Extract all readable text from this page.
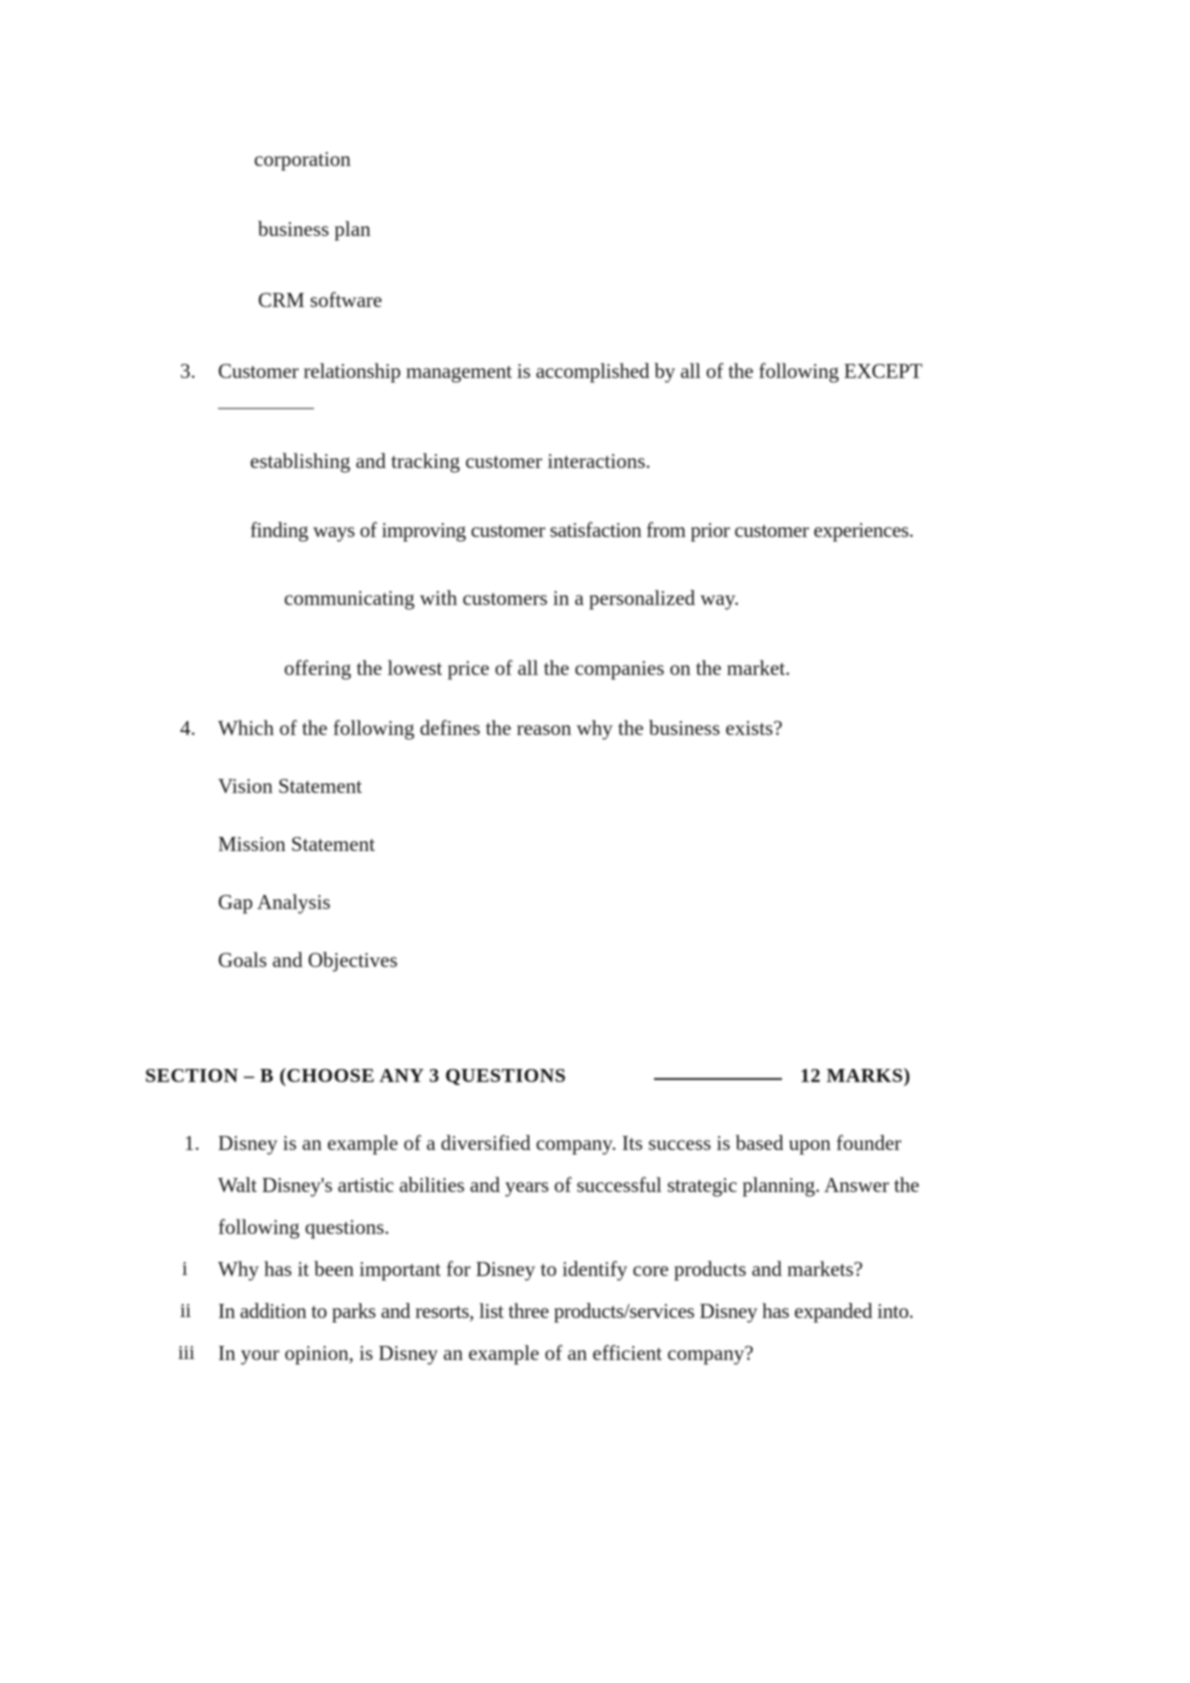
corporation
business plan
CRM software
3. Customer relationship management is accomplished by all of the following EXCEPT
establishing and tracking customer interactions.
finding ways of improving customer satisfaction from prior customer experiences.
communicating with customers in a personalized way.
offering the lowest price of all the companies on the market.
4. Which of the following defines the reason why the business exists?
Vision Statement
Mission Statement
Gap Analysis
Goals and Objectives
SECTION – B (CHOOSE ANY 3 QUESTIONS	12 MARKS)
1. Disney is an example of a diversified company. Its success is based upon founder
Walt Disney's artistic abilities and years of successful strategic planning. Answer the
following questions.
i Why has it been important for Disney to identify core products and markets?
ii In addition to parks and resorts, list three products/services Disney has expanded into.
iii In your opinion, is Disney an example of an efficient company?
